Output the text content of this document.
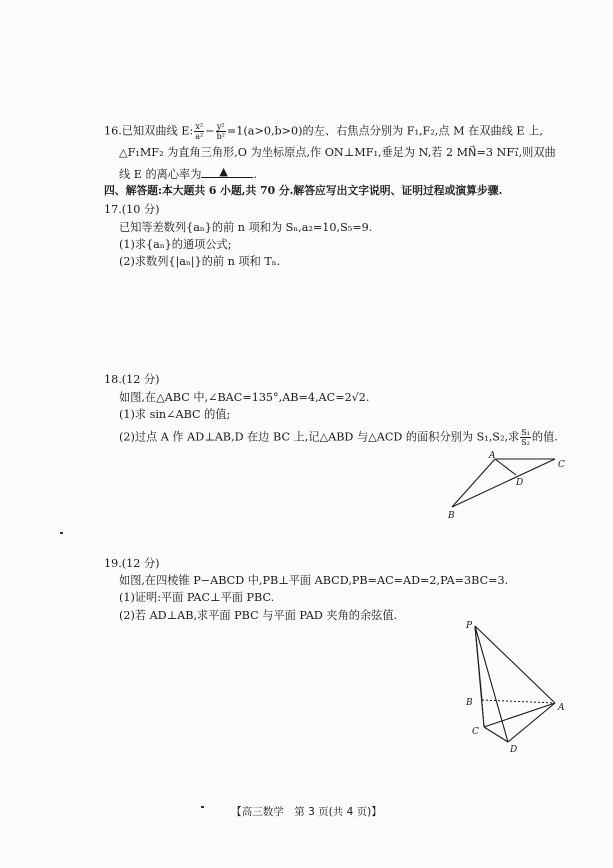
16.已知双曲线 E: $\frac{\text{x²}}{\text{a²}} - \frac{\text{y²}}{\text{b²}} =1(a>0,b>0)$的左、右焦点分别为 F₁,F₂,点 M 在双曲线 E 上,
△F₁MF₂ 为直角三角形,O 为坐标原点,作 ON⊥MF₁,垂足为 N,若 2 MN⃗=3 NF₁⃗,则双曲
线 E 的离心率为 ▲ .
四、解答题:本大题共 6 小题,共 70 分.解答应写出文字说明、证明过程或演算步骤.
17.(10 分)
已知等差数列{aₙ}的前 n 项和为 Sₙ,a₂=10,S₅=9.
(1)求{aₙ}的通项公式;
(2)求数列{|aₙ|}的前 n 项和 Tₙ.
18.(12 分)
如图,在△ABC 中,∠BAC=135°,AB=4,AC=2√2.
(1)求 sin∠ABC 的值;
(2)过点 A 作 AD⊥AB,D 在边 BC 上,记△ABD 与△ACD 的面积分别为 S₁,S₂,求 $\frac{\text{S₁}}{\text{S₂}}$ 的值.
A
C
D
B
19.(12 分)
如图,在四棱锥 P−ABCD 中,PB⊥平面 ABCD,PB=AC=AD=2,PA=3BC=3.
(1)证明:平面 PAC⊥平面 PBC.
(2)若 AD⊥AB,求平面 PBC 与平面 PAD 夹角的余弦值.
P
B	A
C
D
【高三数学　第 3 页(共 4 页)】
